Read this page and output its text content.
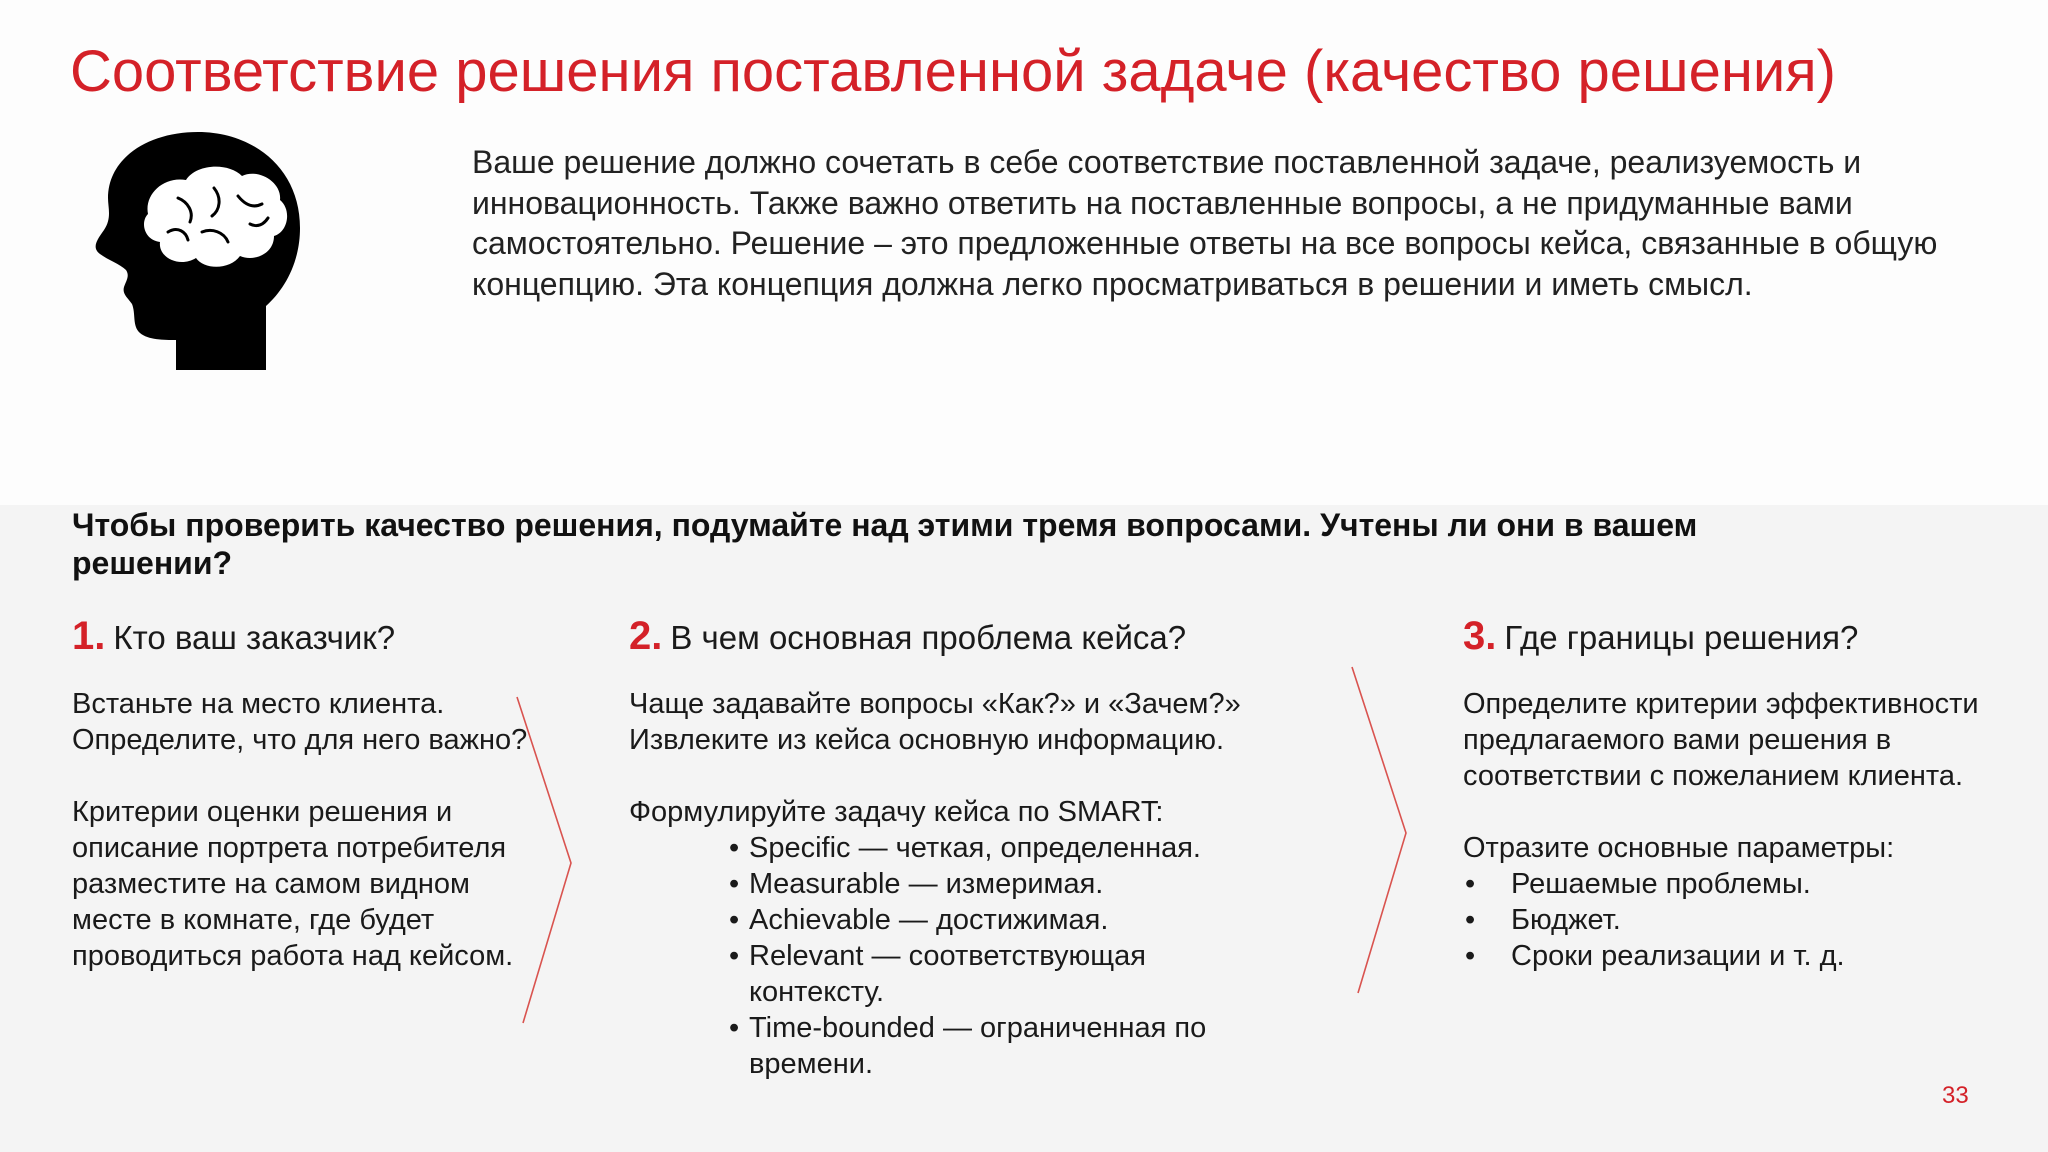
Соответствие решения поставленной задаче (качество решения)

Ваше решение должно сочетать в себе соответствие поставленной задаче, реализуемость и инновационность. Также важно ответить на поставленные вопросы, а не придуманные вами самостоятельно. Решение – это предложенные ответы на все вопросы кейса, связанные в общую концепцию. Эта концепция должна легко просматриваться в решении и иметь смысл.

Чтобы проверить качество решения, подумайте над этими тремя вопросами. Учтены ли они в вашем решении?

1. Кто ваш заказчик?

Встаньте на место клиента. Определите, что для него важно?

Критерии оценки решения и описание портрета потребителя разместите на самом видном месте в комнате, где будет проводиться работа над кейсом.

2. В чем основная проблема кейса?

Чаще задавайте вопросы «Как?» и «Зачем?»

Извлеките из кейса основную информацию.

Формулируйте задачу кейса по SMART:

• Specific — четкая, определенная.
• Measurable — измеримая.
• Achievable — достижимая.
• Relevant — соответствующая контексту.
• Time-bounded — ограниченная по времени.
3. Где границы решения?

Определите критерии эффективности предлагаемого вами решения в соответствии с пожеланием клиента.

Отразите основные параметры:

• Решаемые проблемы.
• Бюджет.
• Сроки реализации и т. д.
33
